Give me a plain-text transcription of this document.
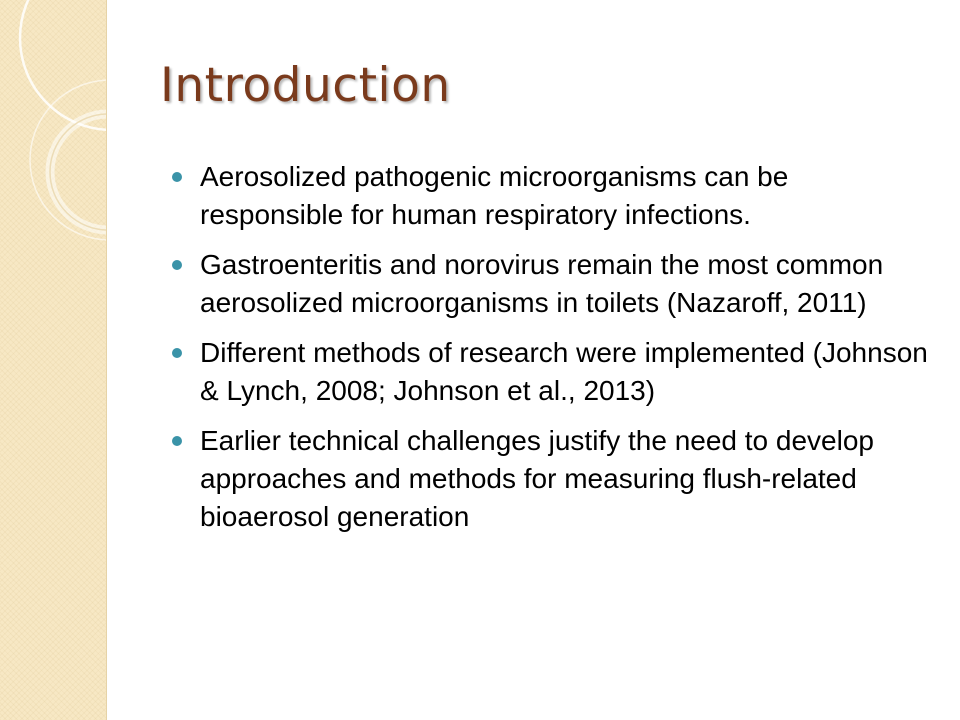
Introduction
Aerosolized pathogenic microorganisms can be responsible for human respiratory infections.
Gastroenteritis and norovirus remain the most common aerosolized microorganisms in toilets (Nazaroff, 2011)
Different methods of research were implemented (Johnson & Lynch, 2008; Johnson et al., 2013)
Earlier technical challenges justify the need to develop approaches and methods for measuring flush-related bioaerosol generation
